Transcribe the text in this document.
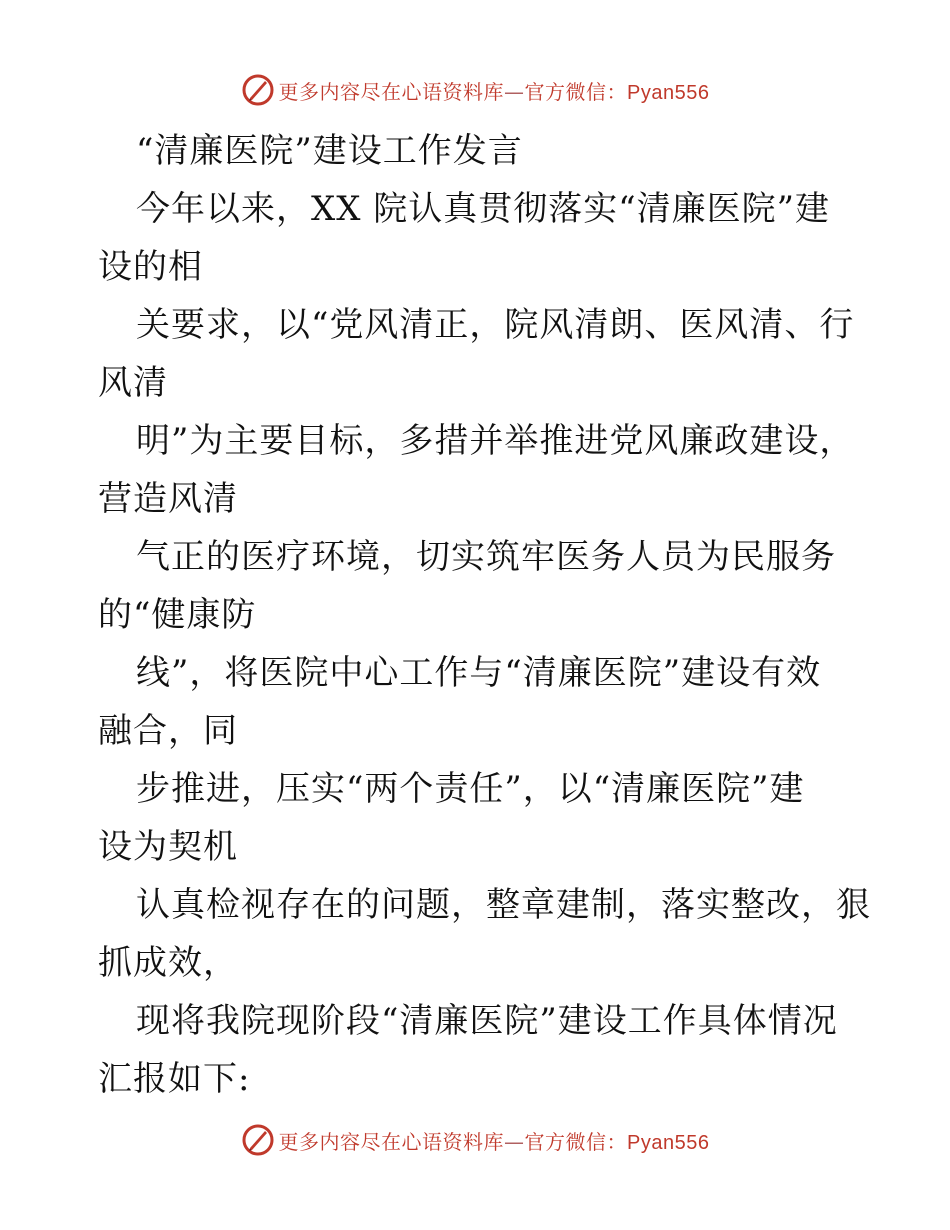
更多内容尽在心语资料库—官方微信：Pyan556
“清廉医院”建设工作发言
今年以来，XX 院认真贯彻落实“清廉医院”建
设的相
关要求，以“党风清正，院风清朗、医风清、行
风清
明”为主要目标，多措并举推进党风廉政建设，
营造风清
气正的医疗环境，切实筑牢医务人员为民服务
的“健康防
线”，将医院中心工作与“清廉医院”建设有效
融合，同
步推进，压实“两个责任”，以“清廉医院”建
设为契机
认真检视存在的问题，整章建制，落实整改，狠
抓成效，
现将我院现阶段“清廉医院”建设工作具体情况
汇报如下:
更多内容尽在心语资料库—官方微信：Pyan556
